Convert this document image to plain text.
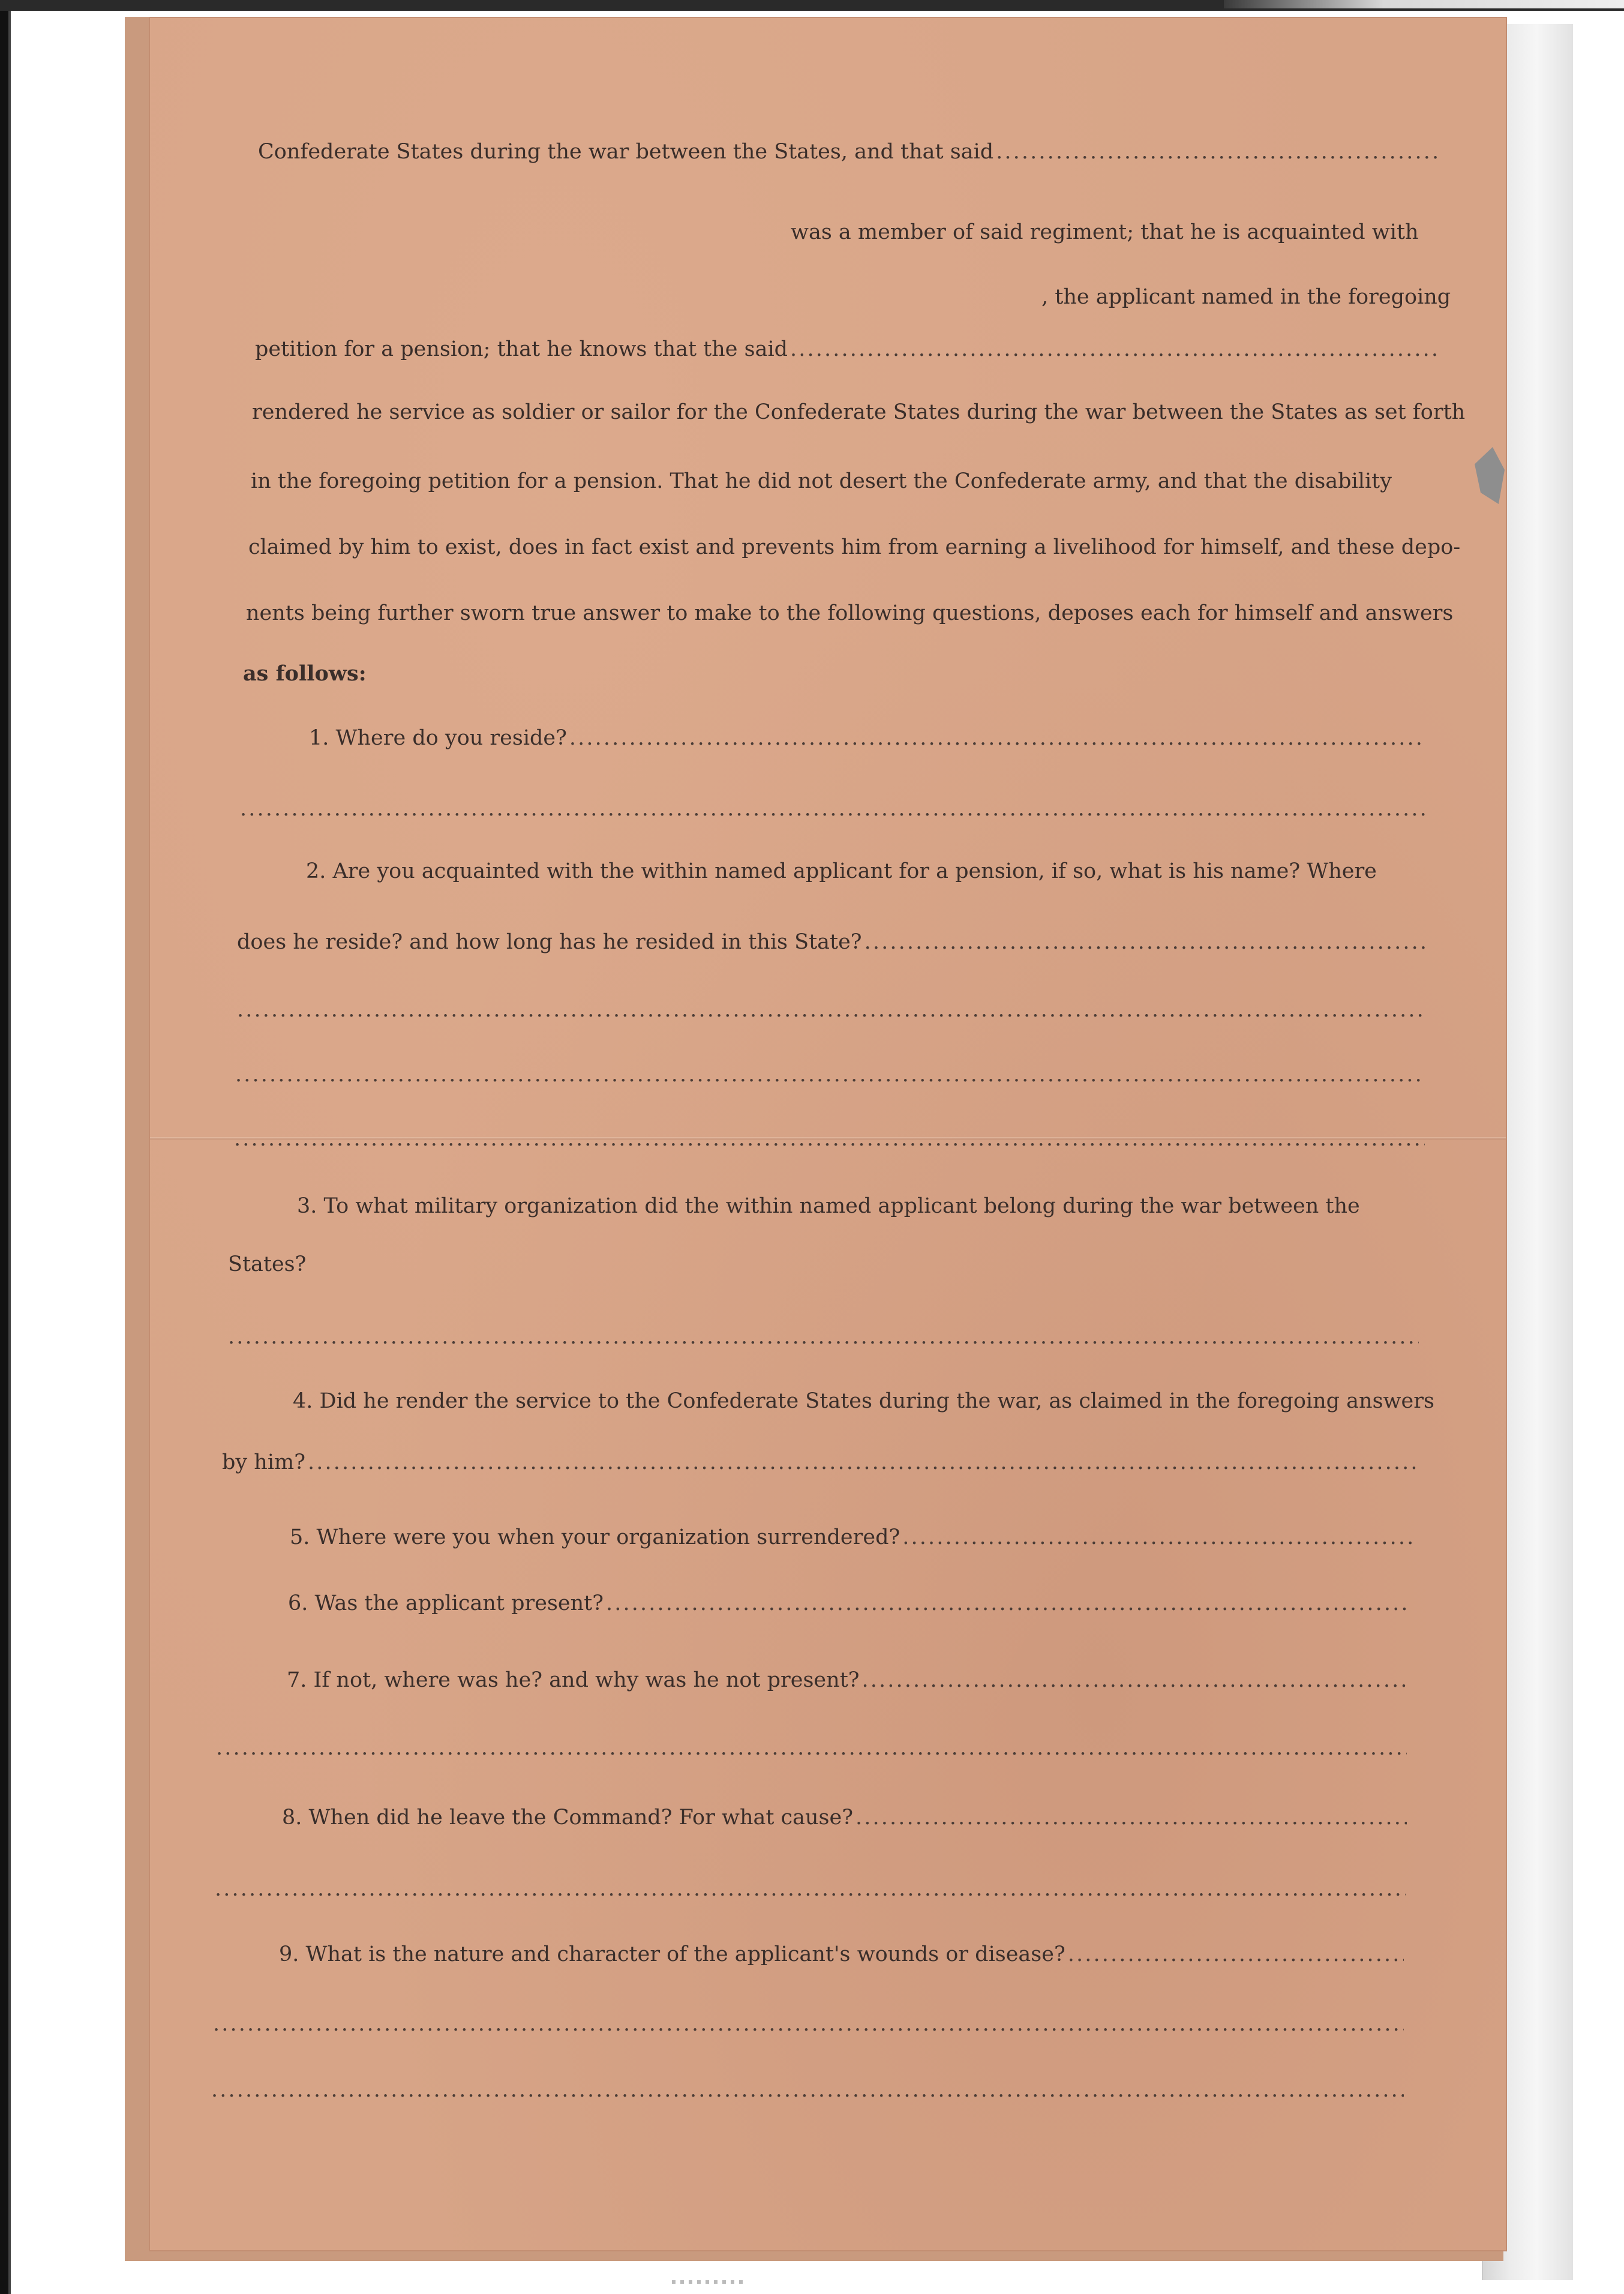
Confederate States during the war between the States, and that said
. . .
was a member of said regiment; that he is acquainted with
, the applicant named in the foregoing
petition for a pension; that he knows that the said
. . .
rendered he service as soldier or sailor for the Confederate States during the war between the States as set forth
in the foregoing petition for a pension. That he did not desert the Confederate army, and that the disability
claimed by him to exist, does in fact exist and prevents him from earning a livelihood for himself, and these depo-
nents being further sworn true answer to make to the following questions, deposes each for himself and answers
as follows:
1. Where do you reside?
. . .
. . .
2. Are you acquainted with the within named applicant for a pension, if so, what is his name? Where
does he reside? and how long has he resided in this State?
. . .
. . .
. . .
. . .
3. To what military organization did the within named applicant belong during the war between the
States?
. . .
4. Did he render the service to the Confederate States during the war, as claimed in the foregoing answers
by him?
. . .
5. Where were you when your organization surrendered?
. . .
6. Was the applicant present?
. . .
7. If not, where was he? and why was he not present?
. . .
. . .
8. When did he leave the Command? For what cause?
. . .
. . .
9. What is the nature and character of the applicant's wounds or disease?
. . .
. . .
. . .
